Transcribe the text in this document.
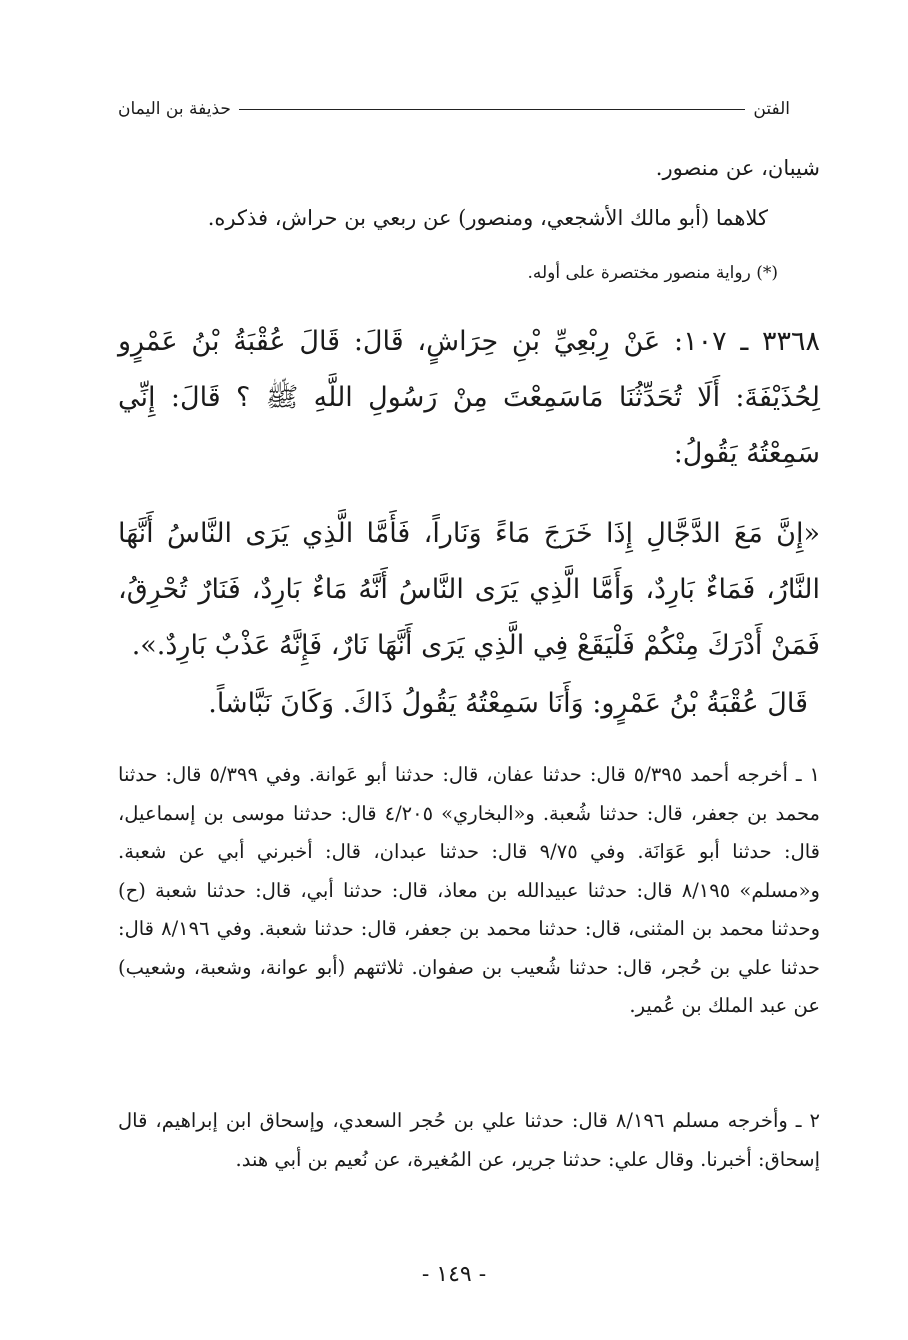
الفتن
حذيفة بن اليمان

شيبان، عن منصور.

كلاهما (أبو مالك الأشجعي، ومنصور) عن ربعي بن حراش، فذكره.

(*) رواية منصور مختصرة على أوله.

٣٣٦٨ ـ ١٠٧: عَنْ رِبْعِيِّ بْنِ حِرَاشٍ، قَالَ: قَالَ عُقْبَةُ بْنُ عَمْرٍو لِحُذَيْفَةَ: أَلَا تُحَدِّثُنَا مَاسَمِعْتَ مِنْ رَسُولِ اللَّهِ ﷺ ؟ قَالَ: إِنِّي سَمِعْتُهُ يَقُولُ:

«إِنَّ مَعَ الدَّجَّالِ إِذَا خَرَجَ مَاءً وَنَاراً، فَأَمَّا الَّذِي يَرَى النَّاسُ أَنَّهَا النَّارُ، فَمَاءٌ بَارِدٌ، وَأَمَّا الَّذِي يَرَى النَّاسُ أَنَّهُ مَاءٌ بَارِدٌ، فَنَارٌ تُحْرِقُ، فَمَنْ أَدْرَكَ مِنْكُمْ فَلْيَقَعْ فِي الَّذِي يَرَى أَنَّهَا نَارٌ، فَإِنَّهُ عَذْبٌ بَارِدٌ.».

قَالَ عُقْبَةُ بْنُ عَمْرٍو: وَأَنَا سَمِعْتُهُ يَقُولُ ذَاكَ. وَكَانَ نَبَّاشاً.

١ ـ أخرجه أحمد ٥/٣٩٥ قال: حدثنا عفان، قال: حدثنا أبو عَوانة. وفي ٥/٣٩٩ قال: حدثنا محمد بن جعفر، قال: حدثنا شُعبة. و«البخاري» ٤/٢٠٥ قال: حدثنا موسى بن إسماعيل، قال: حدثنا أبو عَوَانَة. وفي ٩/٧٥ قال: حدثنا عبدان، قال: أخبرني أبي عن شعبة. و«مسلم» ٨/١٩٥ قال: حدثنا عبيدالله بن معاذ، قال: حدثنا أبي، قال: حدثنا شعبة (ح) وحدثنا محمد بن المثنى، قال: حدثنا محمد بن جعفر، قال: حدثنا شعبة. وفي ٨/١٩٦ قال: حدثنا علي بن حُجر، قال: حدثنا شُعيب بن صفوان. ثلاثتهم (أبو عوانة، وشعبة، وشعيب) عن عبد الملك بن عُمير.

٢ ـ وأخرجه مسلم ٨/١٩٦ قال: حدثنا علي بن حُجر السعدي، وإسحاق ابن إبراهيم، قال إسحاق: أخبرنا. وقال علي: حدثنا جرير، عن المُغيرة، عن نُعيم بن أبي هند.

- ١٤٩ -
